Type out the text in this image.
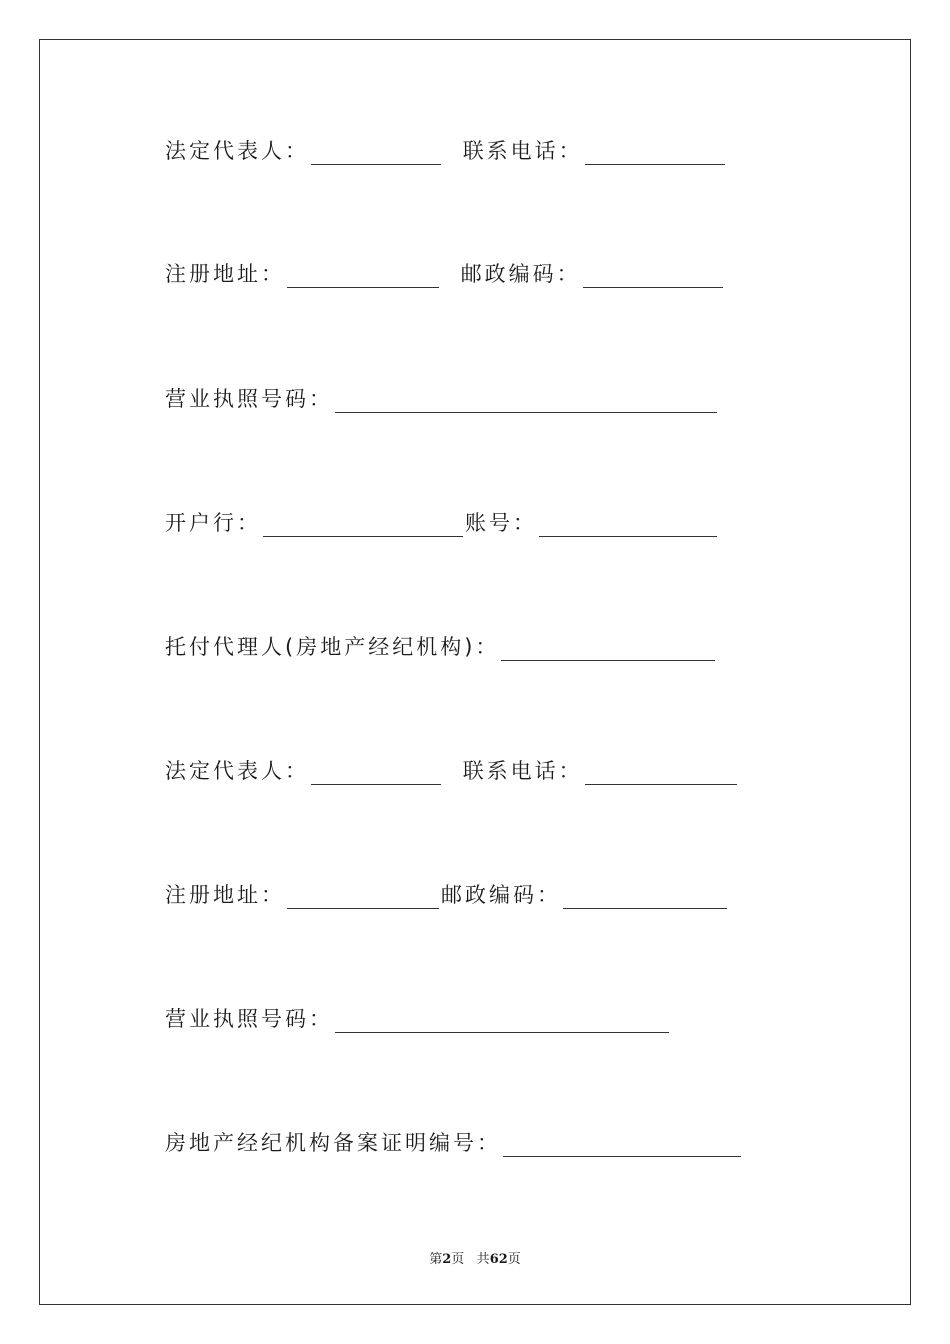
法定代表人：	联系电话：
注册地址：	邮政编码：
营业执照号码：
开户行：	账号：
托付代理人(房地产经纪机构)：
法定代表人：	联系电话：
注册地址：	邮政编码：
营业执照号码：
房地产经纪机构备案证明编号：
第2页 共62页
